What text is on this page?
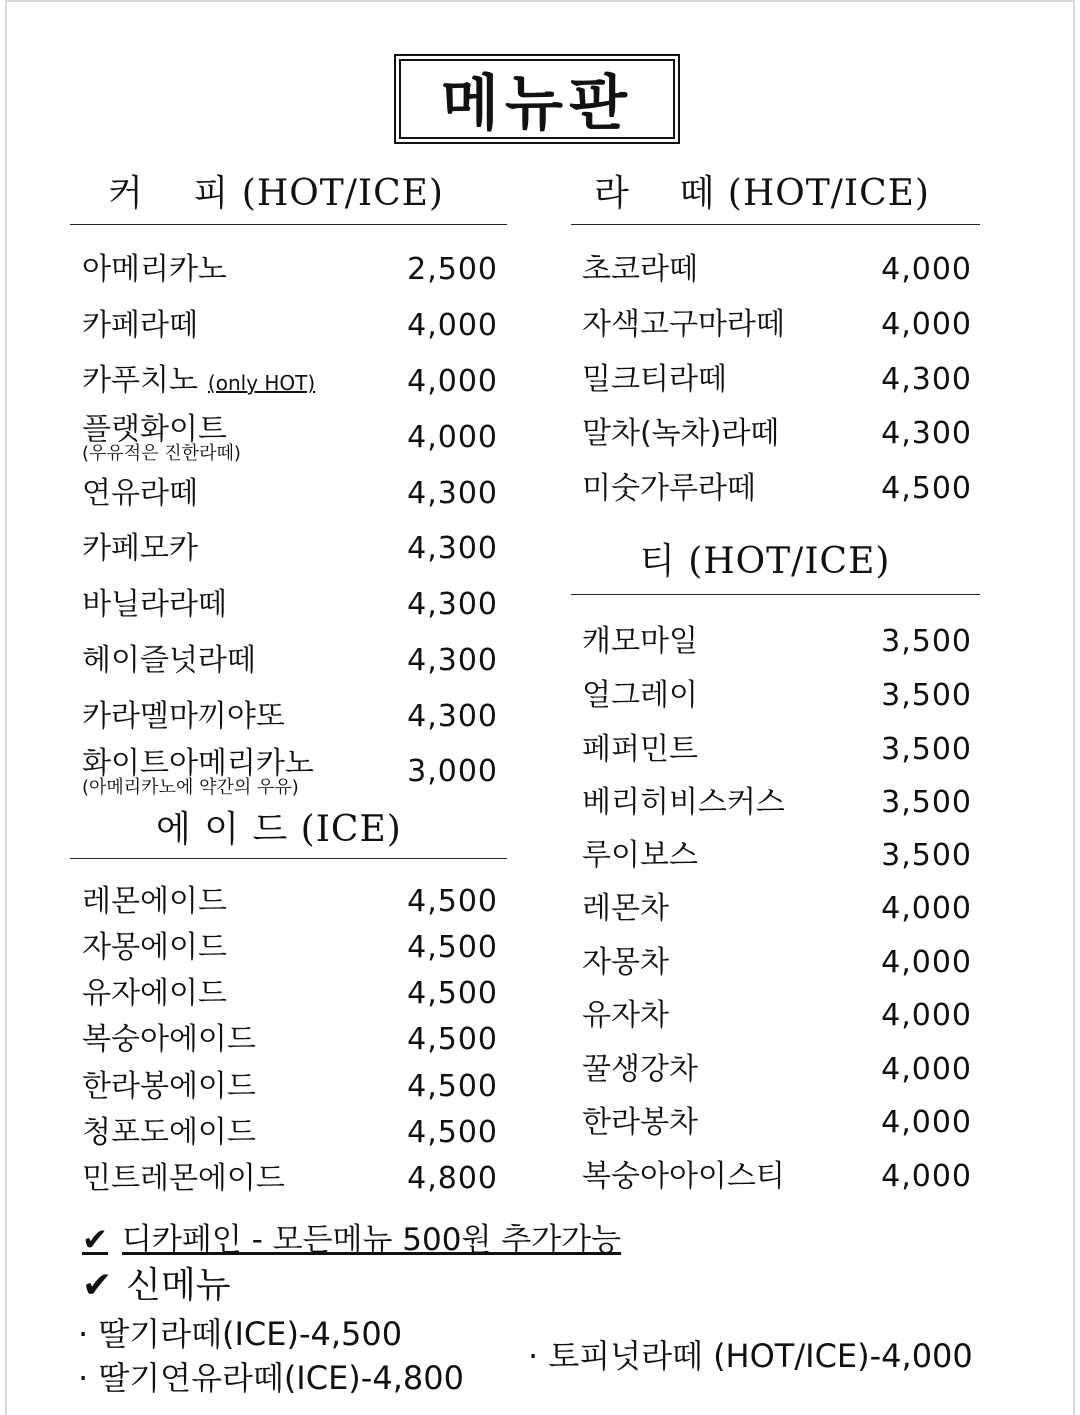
메뉴판
커    피 (HOT/ICE)
아메리카노	2,500
카페라떼	4,000
카푸치노 (only HOT)	4,000
플랫화이트
(우유적은 진한라떼)	4,000
연유라떼	4,300
카페모카	4,300
바닐라라떼	4,300
헤이즐넛라떼	4,300
카라멜마끼야또	4,300
화이트아메리카노
(아메리카노에 약간의 우유)	3,000
에 이 드 (ICE)
레몬에이드	4,500
자몽에이드	4,500
유자에이드	4,500
복숭아에이드	4,500
한라봉에이드	4,500
청포도에이드	4,500
민트레몬에이드	4,800
라    떼 (HOT/ICE)
초코라떼	4,000
자색고구마라떼	4,000
밀크티라떼	4,300
말차(녹차)라떼	4,300
미숫가루라떼	4,500
티 (HOT/ICE)
캐모마일	3,500
얼그레이	3,500
페퍼민트	3,500
베리히비스커스	3,500
루이보스	3,500
레몬차	4,000
자몽차	4,000
유자차	4,000
꿀생강차	4,000
한라봉차	4,000
복숭아아이스티	4,000
✔ 디카페인 - 모든메뉴 500원 추가가능
✔ 신메뉴
· 딸기라떼(ICE)-4,500
· 딸기연유라떼(ICE)-4,800
· 토피넛라떼 (HOT/ICE)-4,000
